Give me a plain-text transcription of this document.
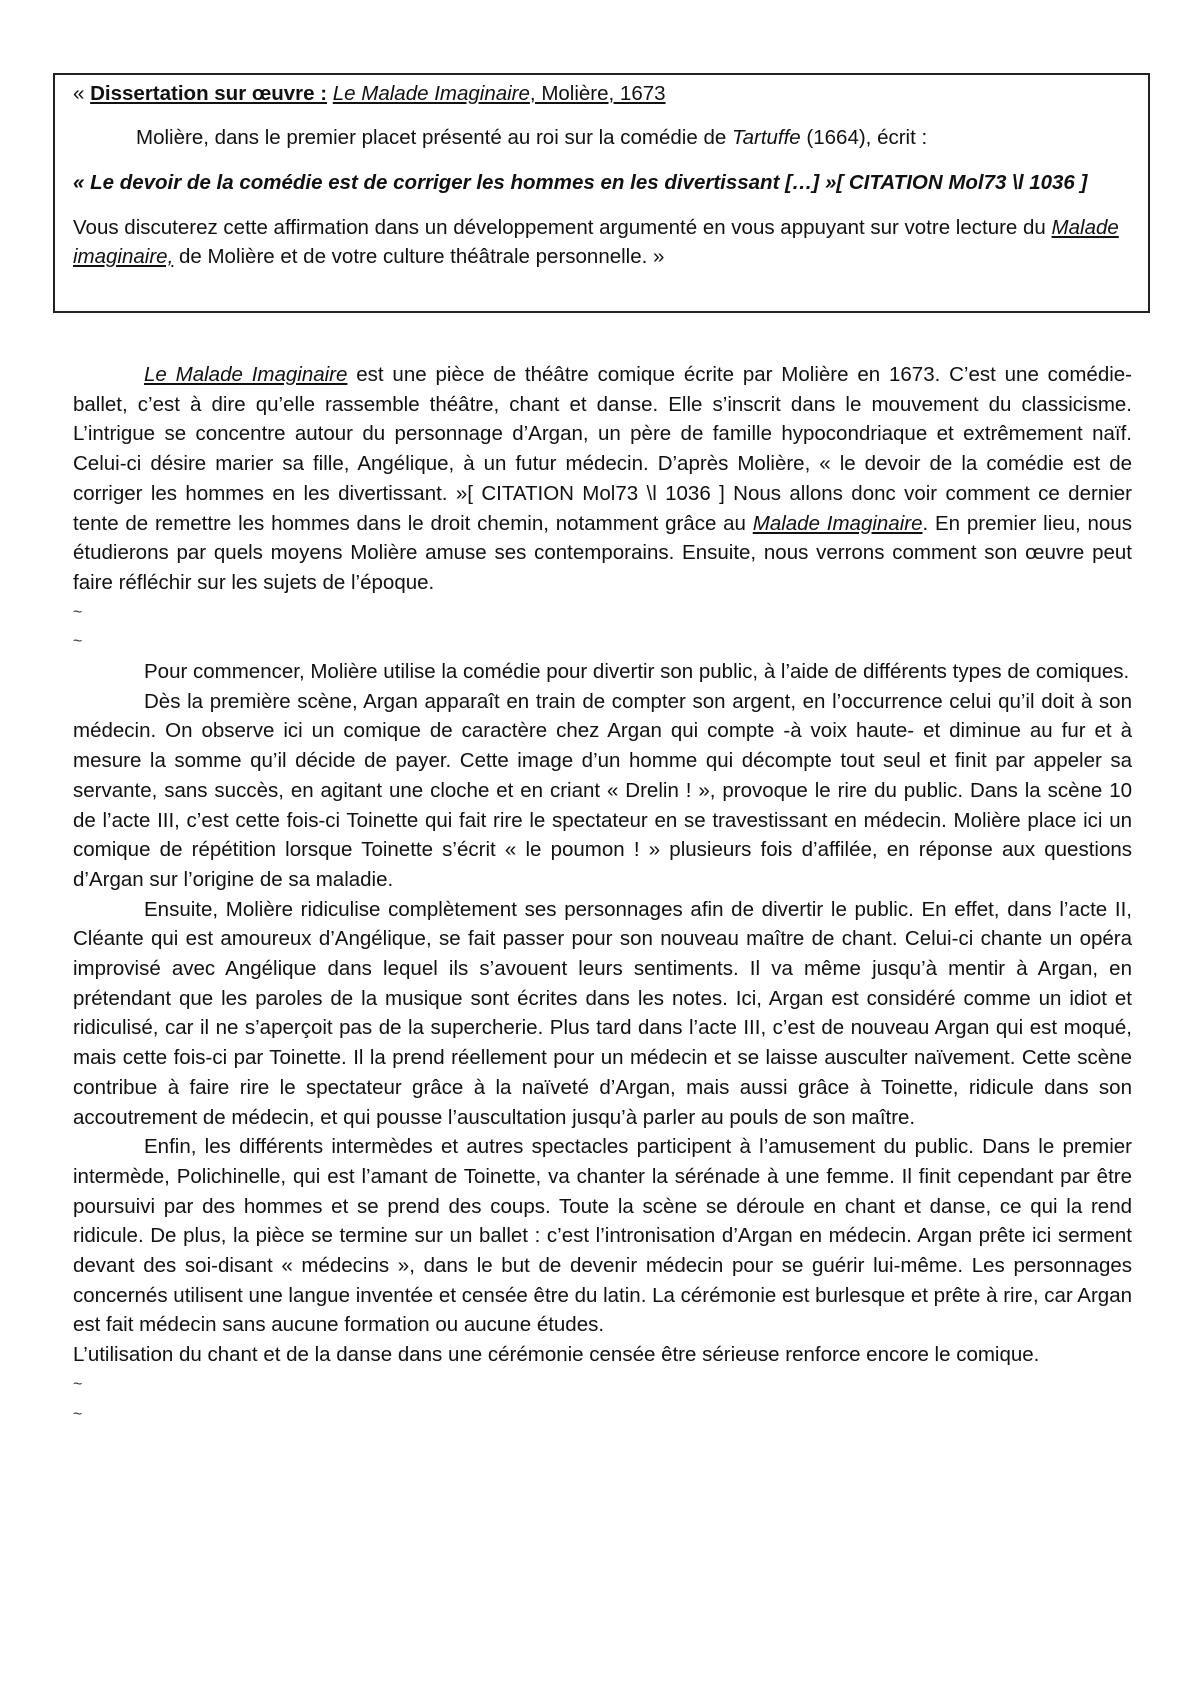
« Dissertation sur œuvre : Le Malade Imaginaire, Molière, 1673

Molière, dans le premier placet présenté au roi sur la comédie de Tartuffe (1664), écrit :

« Le devoir de la comédie est de corriger les hommes en les divertissant […] »[ CITATION Mol73 \l 1036 ]

Vous discuterez cette affirmation dans un développement argumenté en vous appuyant sur votre lecture du Malade imaginaire, de Molière et de votre culture théâtrale personnelle. »

Le Malade Imaginaire est une pièce de théâtre comique écrite par Molière en 1673. C’est une comédie-ballet, c’est à dire qu’elle rassemble théâtre, chant et danse. Elle s’inscrit dans le mouvement du classicisme. L’intrigue se concentre autour du personnage d’Argan, un père de famille hypocondriaque et extrêmement naïf. Celui-ci désire marier sa fille, Angélique, à un futur médecin. D’après Molière, « le devoir de la comédie est de corriger les hommes en les divertissant. »[ CITATION Mol73 \l 1036 ] Nous allons donc voir comment ce dernier tente de remettre les hommes dans le droit chemin, notamment grâce au Malade Imaginaire. En premier lieu, nous étudierons par quels moyens Molière amuse ses contemporains. Ensuite, nous verrons comment son œuvre peut faire réfléchir sur les sujets de l’époque.

~

~

Pour commencer, Molière utilise la comédie pour divertir son public, à l’aide de différents types de comiques.

Dès la première scène, Argan apparaît en train de compter son argent, en l’occurrence celui qu’il doit à son médecin. On observe ici un comique de caractère chez Argan qui compte -à voix haute- et diminue au fur et à mesure la somme qu’il décide de payer. Cette image d’un homme qui décompte tout seul et finit par appeler sa servante, sans succès, en agitant une cloche et en criant « Drelin ! », provoque le rire du public. Dans la scène 10 de l’acte III, c’est cette fois-ci Toinette qui fait rire le spectateur en se travestissant en médecin. Molière place ici un comique de répétition lorsque Toinette s’écrit « le poumon ! » plusieurs fois d’affilée, en réponse aux questions d’Argan sur l’origine de sa maladie.

Ensuite, Molière ridiculise complètement ses personnages afin de divertir le public. En effet, dans l’acte II, Cléante qui est amoureux d’Angélique, se fait passer pour son nouveau maître de chant. Celui-ci chante un opéra improvisé avec Angélique dans lequel ils s’avouent leurs sentiments. Il va même jusqu’à mentir à Argan, en prétendant que les paroles de la musique sont écrites dans les notes. Ici, Argan est considéré comme un idiot et ridiculisé, car il ne s’aperçoit pas de la supercherie. Plus tard dans l’acte III, c’est de nouveau Argan qui est moqué, mais cette fois-ci par Toinette. Il la prend réellement pour un médecin et se laisse ausculter naïvement. Cette scène contribue à faire rire le spectateur grâce à la naïveté d’Argan, mais aussi grâce à Toinette, ridicule dans son accoutrement de médecin, et qui pousse l’auscultation jusqu’à parler au pouls de son maître.

Enfin, les différents intermèdes et autres spectacles participent à l’amusement du public. Dans le premier intermède, Polichinelle, qui est l’amant de Toinette, va chanter la sérénade à une femme. Il finit cependant par être poursuivi par des hommes et se prend des coups. Toute la scène se déroule en chant et danse, ce qui la rend ridicule. De plus, la pièce se termine sur un ballet : c’est l’intronisation d’Argan en médecin. Argan prête ici serment devant des soi-disant « médecins », dans le but de devenir médecin pour se guérir lui-même. Les personnages concernés utilisent une langue inventée et censée être du latin. La cérémonie est burlesque et prête à rire, car Argan est fait médecin sans aucune formation ou aucune études.

L’utilisation du chant et de la danse dans une cérémonie censée être sérieuse renforce encore le comique.

~

~
